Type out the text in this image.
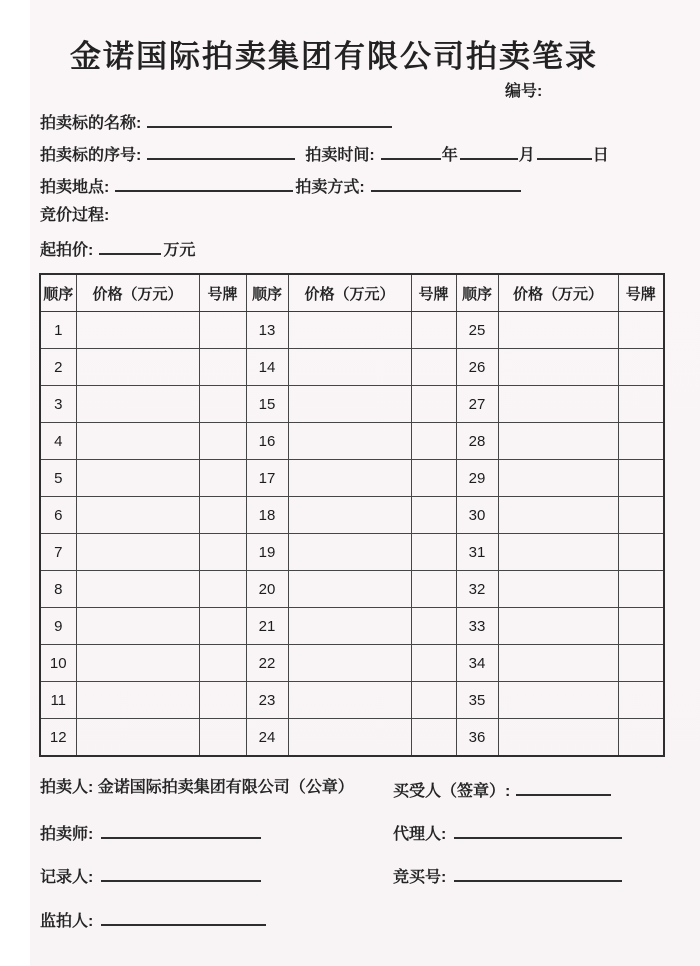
金诺国际拍卖集团有限公司拍卖笔录
编号:
拍卖标的名称:
拍卖标的序号:	拍卖时间:	年	月	日
拍卖地点:	拍卖方式:
竞价过程:
起拍价:	万元
顺序	价格（万元）	号牌	顺序	价格（万元）	号牌	顺序	价格（万元）	号牌
1			13			25		
2			14			26		
3			15			27		
4			16			28		
5			17			29		
6			18			30		
7			19			31		
8			20			32		
9			21			33		
10			22			34		
11			23			35		
12			24			36		
拍卖人: 金诺国际拍卖集团有限公司（公章） 买受人（签章）:
拍卖师:	代理人:
记录人:	竞买号:
监拍人:
